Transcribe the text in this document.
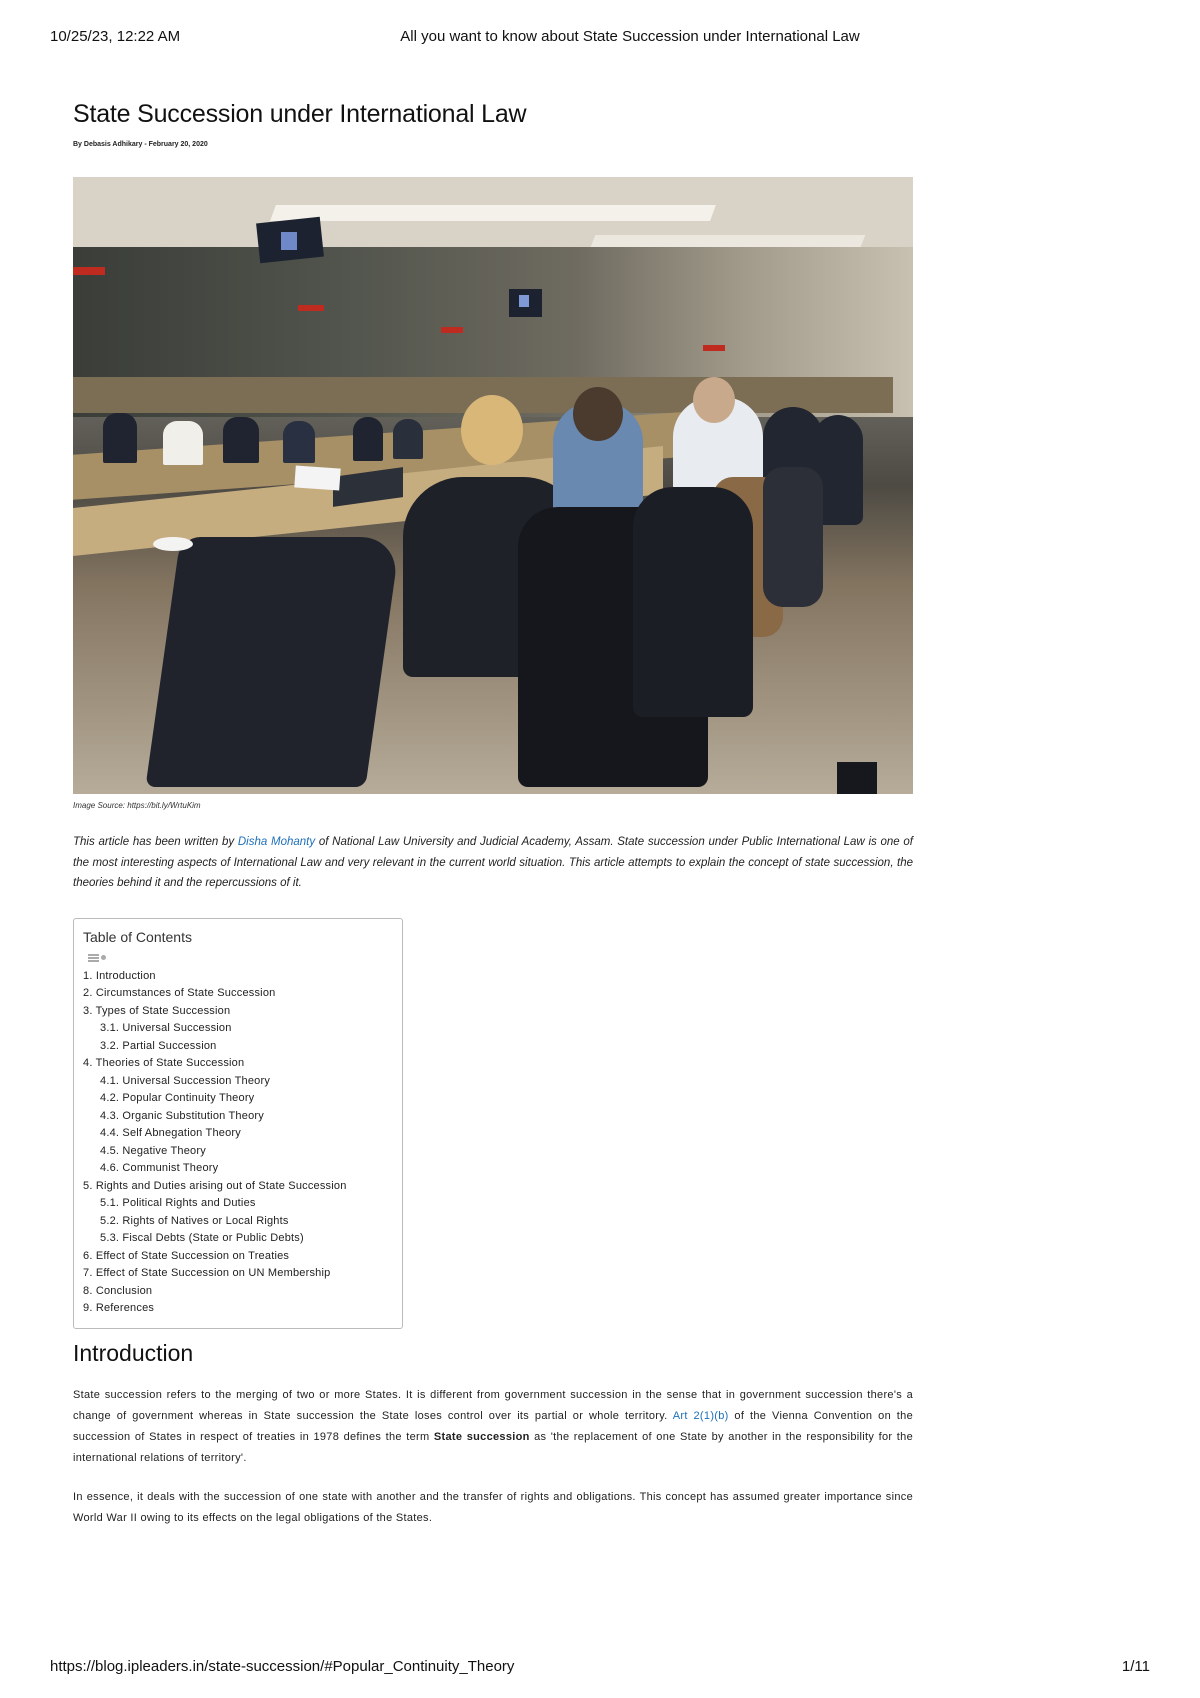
10/25/23, 12:22 AM	All you want to know about State Succession under International Law
State Succession under International Law
By Debasis Adhikary - February 20, 2020
Image Source: https://bit.ly/WrtuKim

This article has been written by Disha Mohanty of National Law University and Judicial Academy, Assam. State succession under Public International Law is one of the most interesting aspects of International Law and very relevant in the current world situation. This article attempts to explain the concept of state succession, the theories behind it and the repercussions of it.

Table of Contents
1. Introduction
2. Circumstances of State Succession
3. Types of State Succession
3.1. Universal Succession
3.2. Partial Succession
4. Theories of State Succession
4.1. Universal Succession Theory
4.2. Popular Continuity Theory
4.3. Organic Substitution Theory
4.4. Self Abnegation Theory
4.5. Negative Theory
4.6. Communist Theory
5. Rights and Duties arising out of State Succession
5.1. Political Rights and Duties
5.2. Rights of Natives or Local Rights
5.3. Fiscal Debts (State or Public Debts)
6. Effect of State Succession on Treaties
7. Effect of State Succession on UN Membership
8. Conclusion
9. References
Introduction

State succession refers to the merging of two or more States. It is different from government succession in the sense that in government succession there's a change of government whereas in State succession the State loses control over its partial or whole territory. Art 2(1)(b) of the Vienna Convention on the succession of States in respect of treaties in 1978 defines the term State succession as 'the replacement of one State by another in the responsibility for the international relations of territory'.

In essence, it deals with the succession of one state with another and the transfer of rights and obligations. This concept has assumed greater importance since World War II owing to its effects on the legal obligations of the States.

https://blog.ipleaders.in/state-succession/#Popular_Continuity_Theory	1/11
